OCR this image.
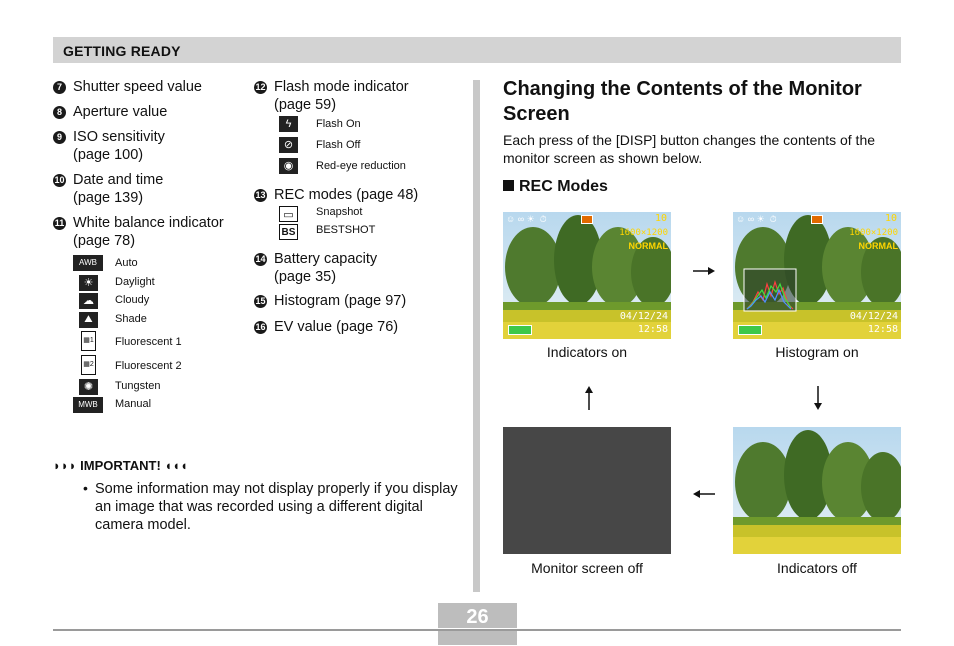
GETTING READY
7 Shutter speed value
8 Aperture value
9 ISO sensitivity
(page 100)
10 Date and time
(page 139)
11 White balance indicator
(page 78)
AWB	Auto
☀	Daylight
☁	Cloudy
⛰	Shade
▦1 Fluorescent 1
▦2 Fluorescent 2
✺	Tungsten
MWB	Manual
12 Flash mode indicator
(page 59)
ϟ	Flash On
⊘	Flash Off
◉	Red-eye reduction
13 REC modes (page 48)
▭	Snapshot
BS BESTSHOT
14 Battery capacity
(page 35)
15 Histogram (page 97)
16 EV value (page 76)
◗◗◗ IMPORTANT! ◖◖◖
• Some information may not display properly if you display an image that was recorded using a different digital camera model.
Changing the Contents of the Monitor Screen
Each press of the [DISP] button changes the contents of the monitor screen as shown below.
REC Modes
☺ ∞ ☀  ⏱	10
1600×1200
NORMAL
04/12/24
12:58
Indicators on
☺ ∞ ☀  ⏱	10
1600×1200
NORMAL
04/12/24
12:58
Histogram on
Monitor screen off	Indicators off
26
